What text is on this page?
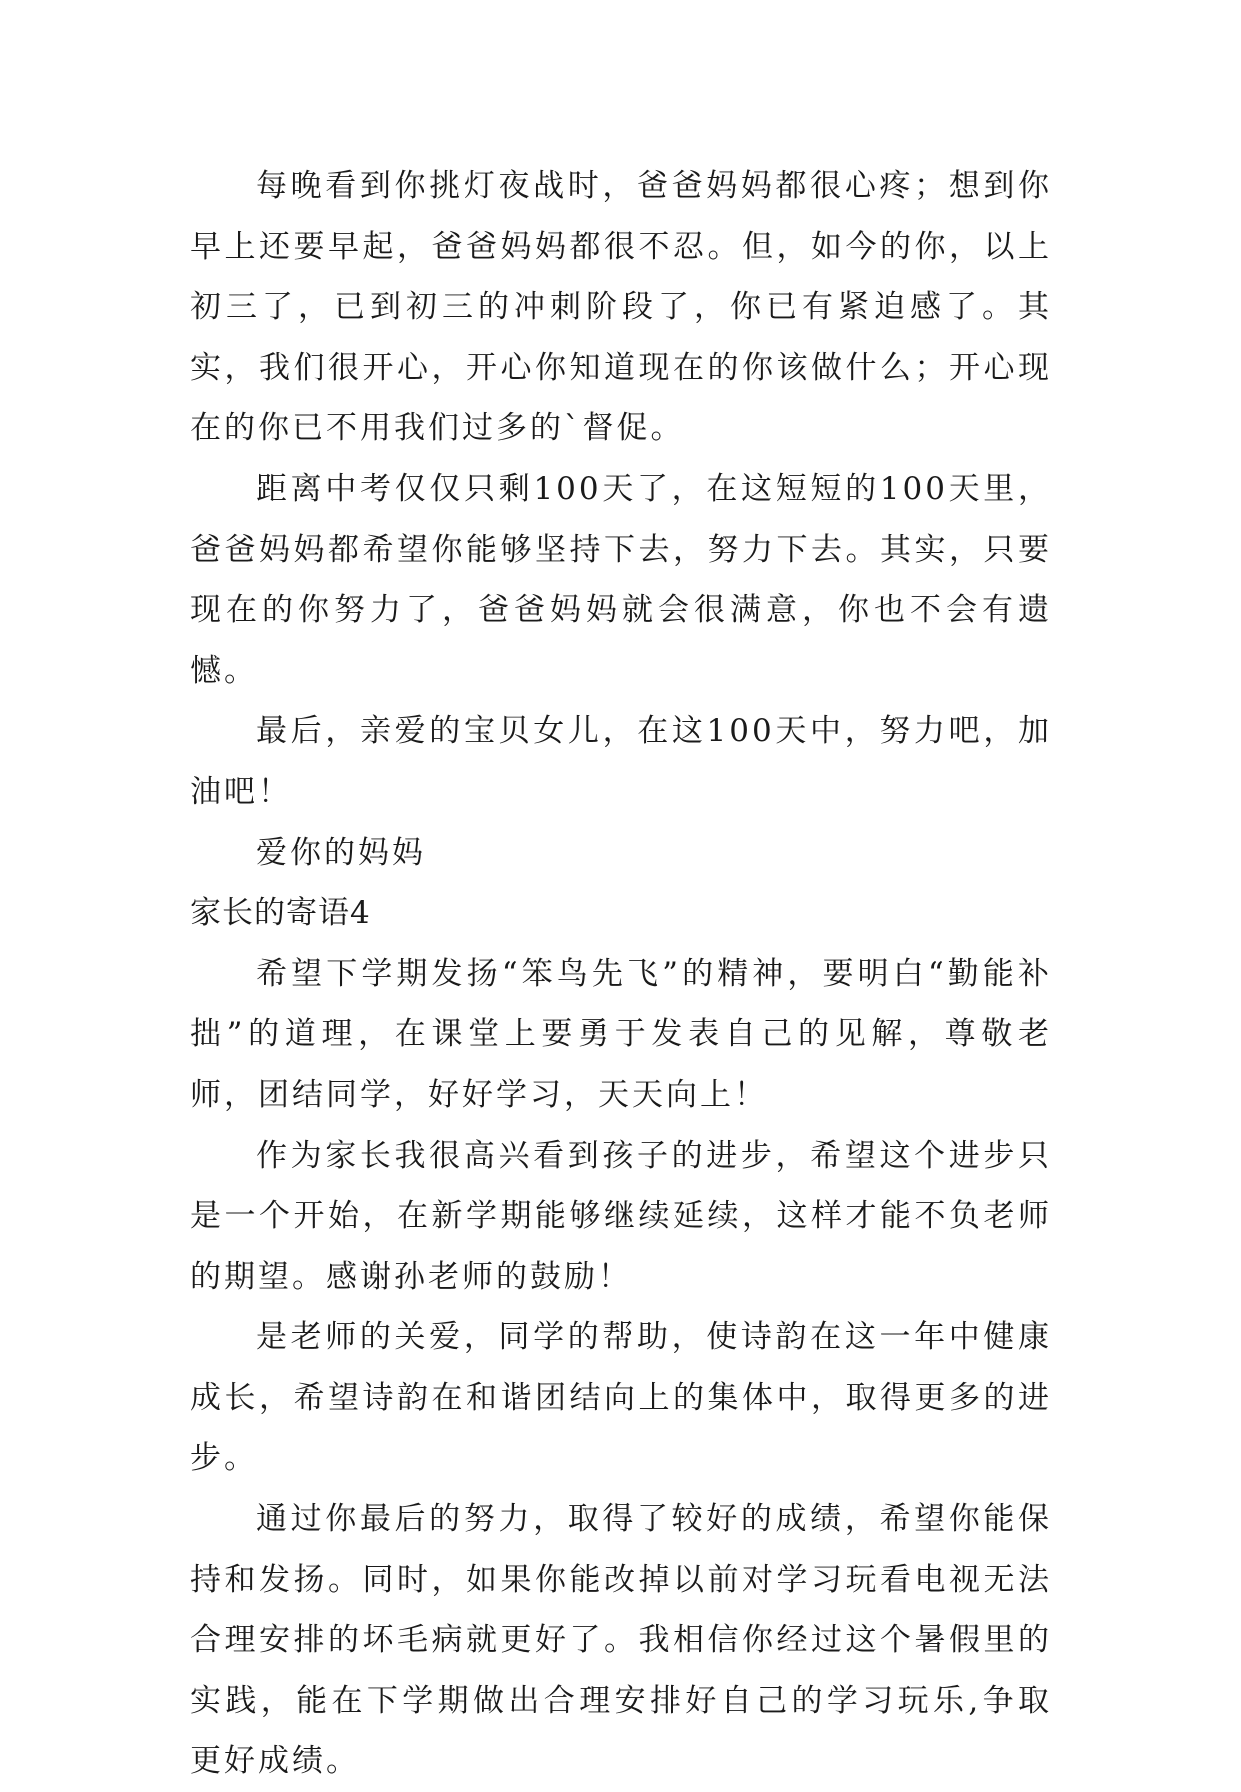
每晚看到你挑灯夜战时，爸爸妈妈都很心疼；想到你早上还要早起，爸爸妈妈都很不忍。但，如今的你，以上初三了，已到初三的冲刺阶段了，你已有紧迫感了。其实，我们很开心，开心你知道现在的你该做什么；开心现在的你已不用我们过多的`督促。

距离中考仅仅只剩100天了，在这短短的100天里，爸爸妈妈都希望你能够坚持下去，努力下去。其实，只要现在的你努力了，爸爸妈妈就会很满意，你也不会有遗憾。

最后，亲爱的宝贝女儿，在这100天中，努力吧，加油吧！

爱你的妈妈

家长的寄语4

希望下学期发扬“笨鸟先飞”的精神，要明白“勤能补拙”的道理，在课堂上要勇于发表自己的见解，尊敬老师，团结同学，好好学习，天天向上！

作为家长我很高兴看到孩子的进步，希望这个进步只是一个开始，在新学期能够继续延续，这样才能不负老师的期望。感谢孙老师的鼓励！

是老师的关爱，同学的帮助，使诗韵在这一年中健康成长，希望诗韵在和谐团结向上的集体中，取得更多的进步。

通过你最后的努力，取得了较好的成绩，希望你能保持和发扬。同时，如果你能改掉以前对学习玩看电视无法合理安排的坏毛病就更好了。我相信你经过这个暑假里的实践，能在下学期做出合理安排好自己的学习玩乐,争取更好成绩。
